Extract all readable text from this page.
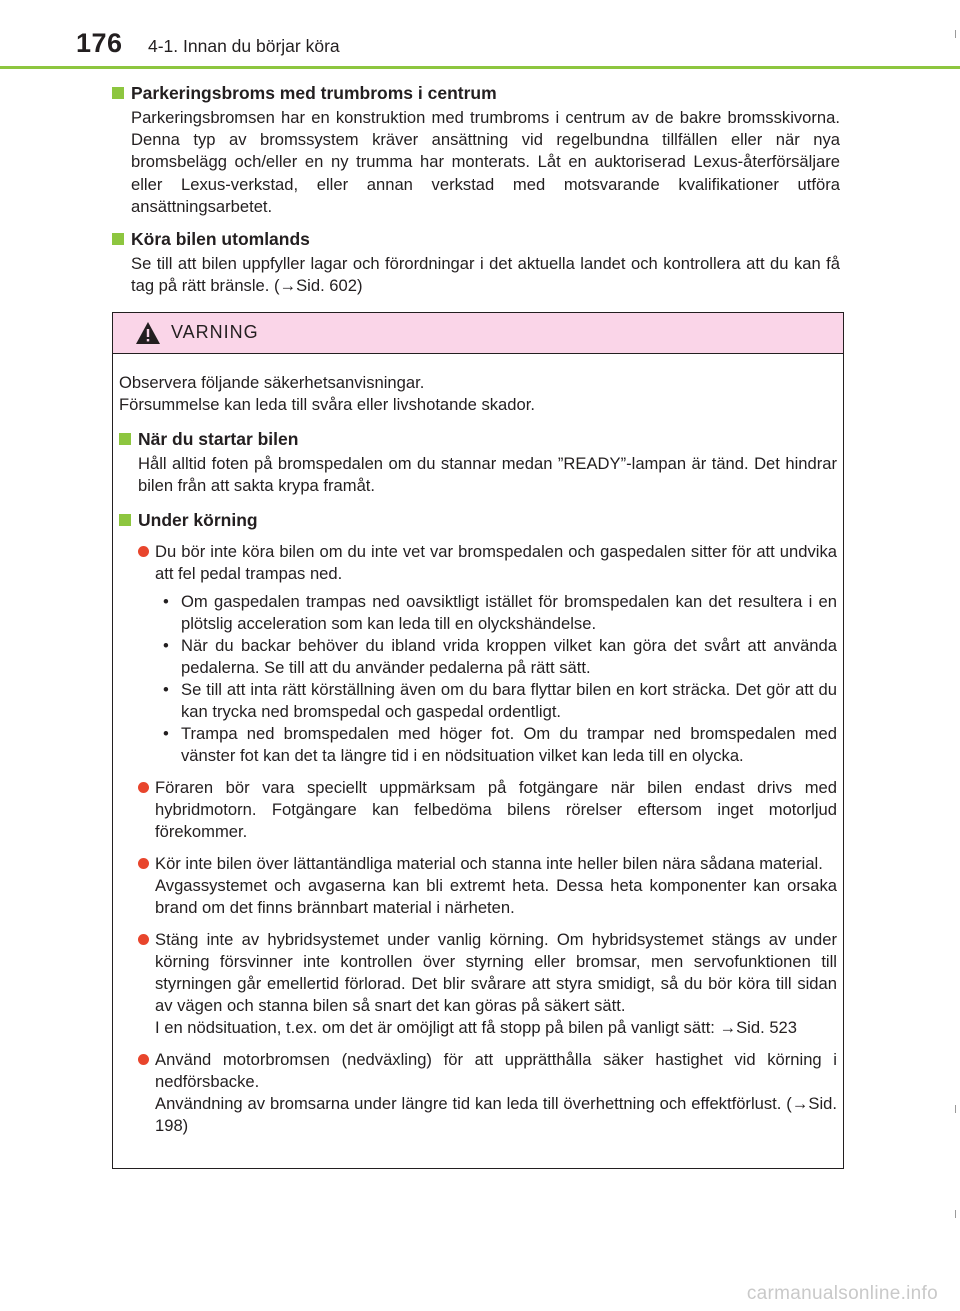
176 4-1. Innan du börjar köra
Parkeringsbroms med trumbroms i centrum
Parkeringsbromsen har en konstruktion med trumbroms i centrum av de bakre bromsskivorna. Denna typ av bromssystem kräver ansättning vid regelbundna tillfällen eller när nya bromsbelägg och/eller en ny trumma har monterats. Låt en auktoriserad Lexus-återförsäljare eller Lexus-verkstad, eller annan verkstad med motsvarande kvalifikationer utföra ansättningsarbetet.
Köra bilen utomlands
Se till att bilen uppfyller lagar och förordningar i det aktuella landet och kontrollera att du kan få tag på rätt bränsle. (→Sid. 602)
VARNING

Observera följande säkerhetsanvisningar.

Försummelse kan leda till svåra eller livshotande skador.

När du startar bilen
Håll alltid foten på bromspedalen om du stannar medan ”READY”-lampan är tänd. Det hindrar bilen från att sakta krypa framåt.
Under körning
Du bör inte köra bilen om du inte vet var bromspedalen och gaspedalen sitter för att undvika att fel pedal trampas ned.
• Om gaspedalen trampas ned oavsiktligt istället för bromspedalen kan det resultera i en plötslig acceleration som kan leda till en olyckshändelse.
• När du backar behöver du ibland vrida kroppen vilket kan göra det svårt att använda pedalerna. Se till att du använder pedalerna på rätt sätt.
• Se till att inta rätt körställning även om du bara flyttar bilen en kort sträcka. Det gör att du kan trycka ned bromspedal och gaspedal ordentligt.
• Trampa ned bromspedalen med höger fot. Om du trampar ned bromspedalen med vänster fot kan det ta längre tid i en nödsituation vilket kan leda till en olycka.
Föraren bör vara speciellt uppmärksam på fotgängare när bilen endast drivs med hybridmotorn. Fotgängare kan felbedöma bilens rörelser eftersom inget motorljud förekommer.
Kör inte bilen över lättantändliga material och stanna inte heller bilen nära sådana material.
Avgassystemet och avgaserna kan bli extremt heta. Dessa heta komponenter kan orsaka brand om det finns brännbart material i närheten.
Stäng inte av hybridsystemet under vanlig körning. Om hybridsystemet stängs av under körning försvinner inte kontrollen över styrning eller bromsar, men servofunktionen till styrningen går emellertid förlorad. Det blir svårare att styra smidigt, så du bör köra till sidan av vägen och stanna bilen så snart det kan göras på säkert sätt.
I en nödsituation, t.ex. om det är omöjligt att få stopp på bilen på vanligt sätt: →Sid. 523
Använd motorbromsen (nedväxling) för att upprätthålla säker hastighet vid körning i nedförsbacke.
Användning av bromsarna under längre tid kan leda till överhettning och effektförlust. (→Sid. 198)
carmanualsonline.info
